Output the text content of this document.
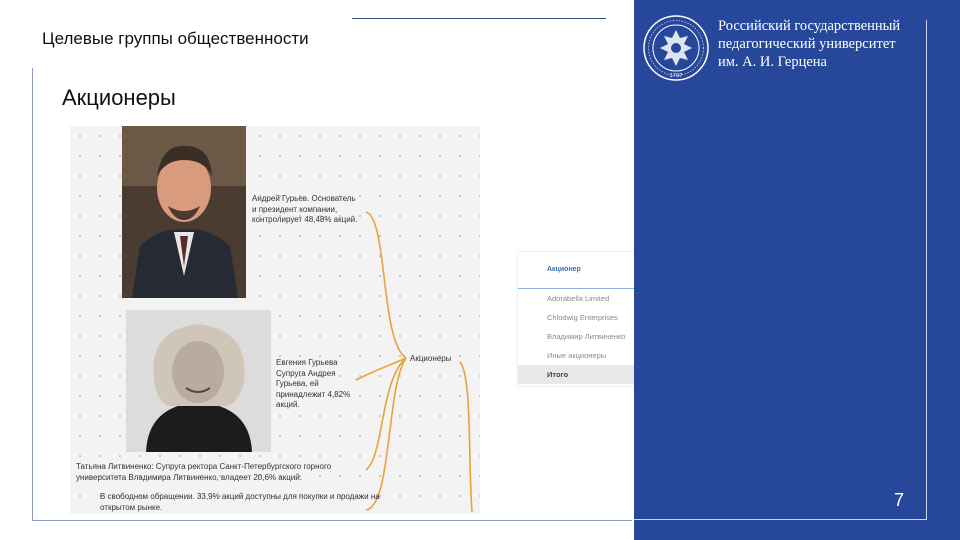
Целевые группы общественности
Акционеры
Андрей Гурьев. Основатель и президент компании, контролирует 48,48% акций.
Евгения Гурьева Супруга Андрея Гурьева, ей принадлежит 4,82% акций.
Акционеры
Татьяна Литвиненко: Супруга ректора Санкт-Петербургского горного университета Владимира Литвиненко, владеет 20,6% акций.
В свободном обращении. 33,9% акций доступны для покупки и продажи на открытом рынке.
Акционер
Adorabella Limited
Chlodwig Enterprises
Владимир Литвиненко
Иные акционеры
Итого
1797
Российский государственный
педагогический университет
им. А. И. Герцена
7
